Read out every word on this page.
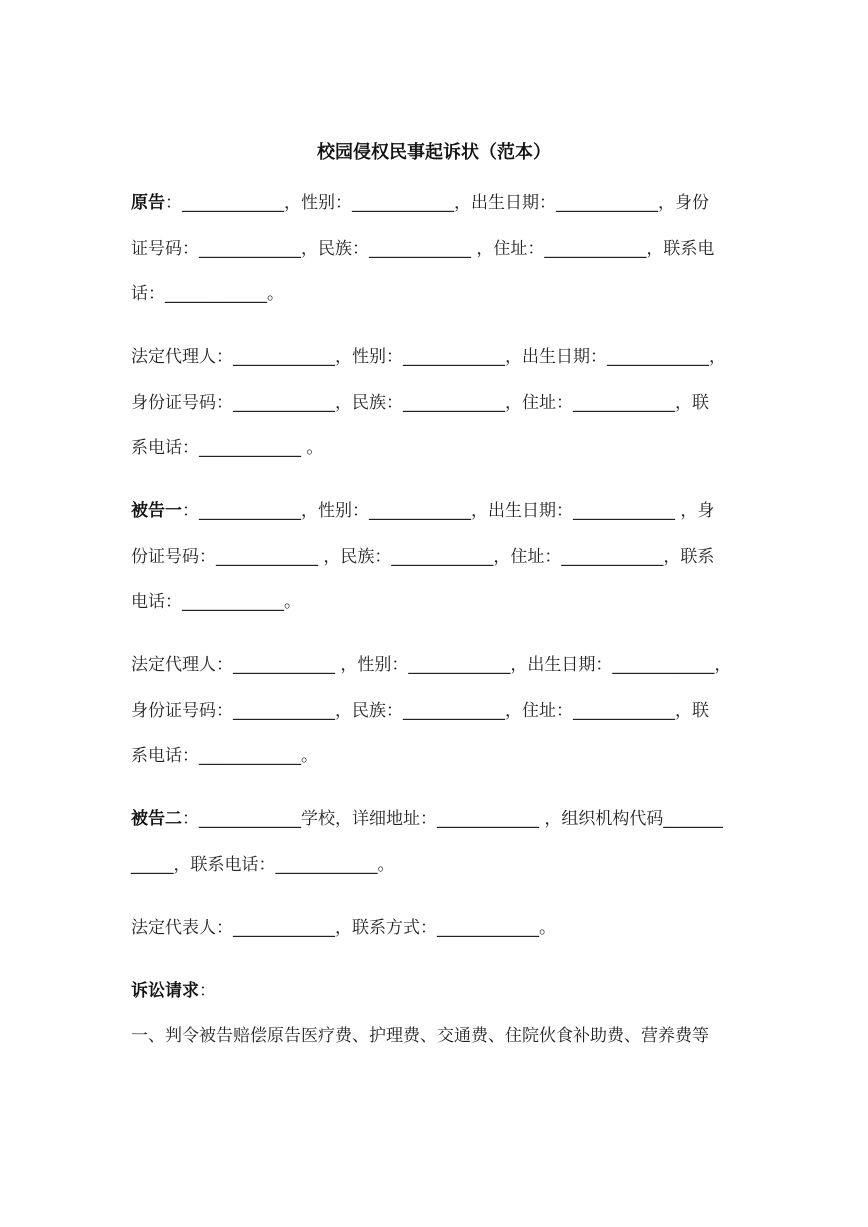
校园侵权民事起诉状（范本）
原告：____________，性别：____________，出生日期：____________，身份
证号码：____________，民族：____________ ，住址：____________，联系电
话：____________。
法定代理人：____________，性别：____________，出生日期：____________，
身份证号码：____________，民族：____________，住址：____________，联
系电话：____________ 。
被告一：____________，性别：____________，出生日期：____________ ，身
份证号码：____________ ，民族：____________，住址：____________，联系
电话：____________。
法定代理人：____________ ，性别：____________，出生日期：____________，
身份证号码：____________，民族：____________，住址：____________，联
系电话：____________。
被告二：____________学校，详细地址：____________ ，组织机构代码_______
_____，联系电话：____________。
法定代表人：____________，联系方式：____________。
诉讼请求：
一、判令被告赔偿原告医疗费、护理费、交通费、住院伙食补助费、营养费等
